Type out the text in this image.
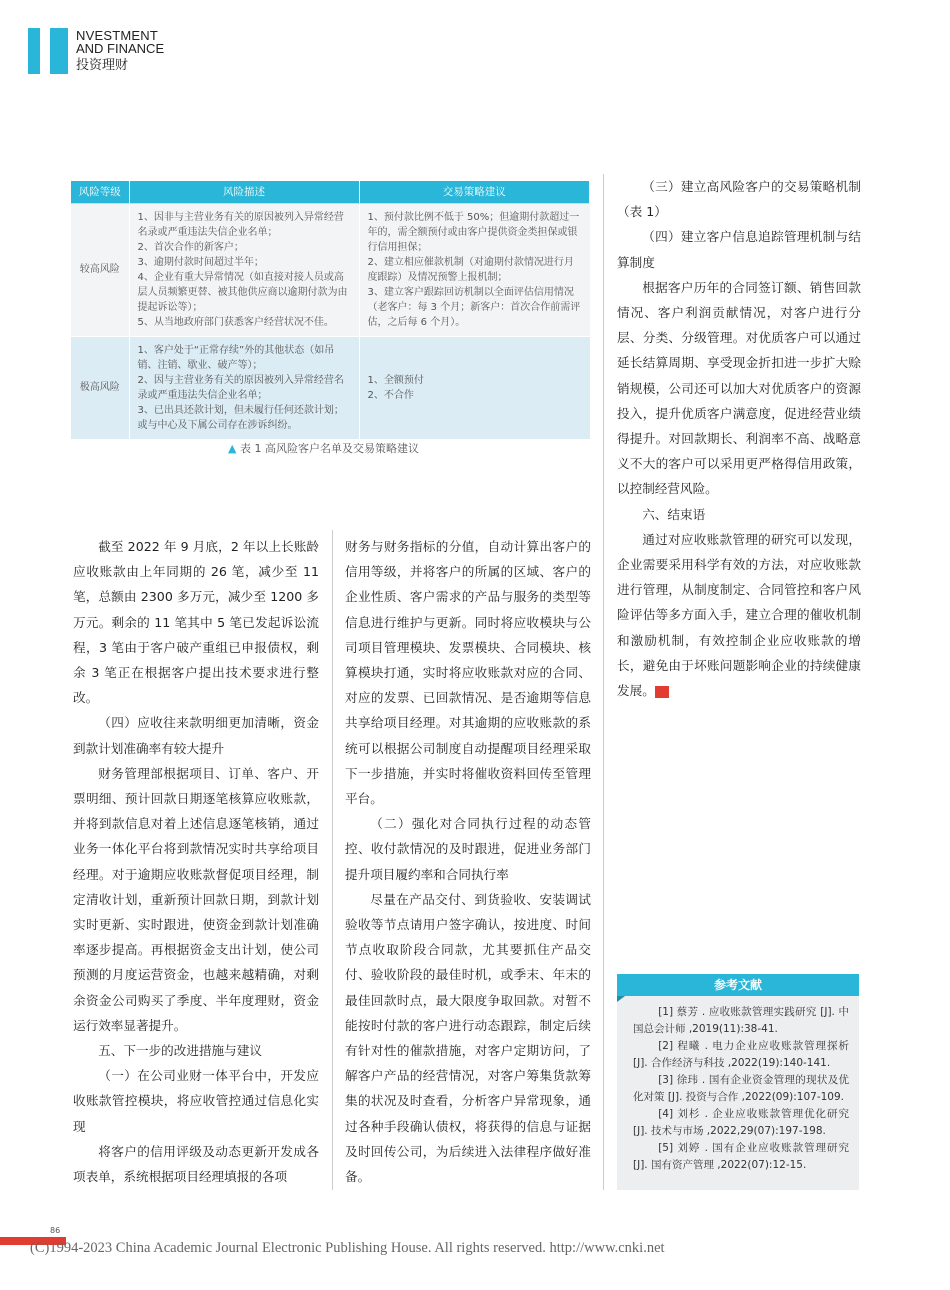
NVESTMENT
AND FINANCE
投资理财
风险等级	风险描述	交易策略建议
较高风险	1、因非与主营业务有关的原因被列入异常经营名录或严重违法失信企业名单；
2、首次合作的新客户；
3、逾期付款时间超过半年；
4、企业有重大异常情况（如直接对接人员或高层人员频繁更替、被其他供应商以逾期付款为由提起诉讼等）；
5、从当地政府部门获悉客户经营状况不佳。	1、预付款比例不低于 50%；但逾期付款超过一年的，需全额预付或由客户提供资金类担保或银行信用担保；
2、建立相应催款机制（对逾期付款情况进行月度跟踪）及情况预警上报机制；
3、建立客户跟踪回访机制以全面评估信用情况（老客户：每 3 个月；新客户：首次合作前需评估，之后每 6 个月）。
极高风险	1、客户处于“正常存续”外的其他状态（如吊销、注销、歇业、破产等）；
2、因与主营业务有关的原因被列入异常经营名录或严重违法失信企业名单；
3、已出具还款计划，但未履行任何还款计划；或与中心及下属公司存在涉诉纠纷。	1、全额预付
2、不合作
▲ 表 1 高风险客户名单及交易策略建议

截至 2022 年 9 月底，2 年以上长账龄应收账款由上年同期的 26 笔，减少至 11 笔，总额由 2300 多万元，减少至 1200 多万元。剩余的 11 笔其中 5 笔已发起诉讼流程，3 笔由于客户破产重组已申报债权，剩余 3 笔正在根据客户提出技术要求进行整改。

（四）应收往来款明细更加清晰，资金到款计划准确率有较大提升

财务管理部根据项目、订单、客户、开票明细、预计回款日期逐笔核算应收账款，并将到款信息对着上述信息逐笔核销，通过业务一体化平台将到款情况实时共享给项目经理。对于逾期应收账款督促项目经理，制定清收计划，重新预计回款日期，到款计划实时更新、实时跟进，使资金到款计划准确率逐步提高。再根据资金支出计划，使公司预测的月度运营资金，也越来越精确，对剩余资金公司购买了季度、半年度理财，资金运行效率显著提升。

五、下一步的改进措施与建议

（一）在公司业财一体平台中，开发应收账款管控模块，将应收管控通过信息化实现

将客户的信用评级及动态更新开发成各项表单，系统根据项目经理填报的各项

财务与财务指标的分值，自动计算出客户的信用等级，并将客户的所属的区域、客户的企业性质、客户需求的产品与服务的类型等信息进行维护与更新。同时将应收模块与公司项目管理模块、发票模块、合同模块、核算模块打通，实时将应收账款对应的合同、对应的发票、已回款情况、是否逾期等信息共享给项目经理。对其逾期的应收账款的系统可以根据公司制度自动提醒项目经理采取下一步措施，并实时将催收资料回传至管理平台。

（二）强化对合同执行过程的动态管控、收付款情况的及时跟进，促进业务部门提升项目履约率和合同执行率

尽量在产品交付、到货验收、安装调试验收等节点请用户签字确认，按进度、时间节点收取阶段合同款，尤其要抓住产品交付、验收阶段的最佳时机，或季末、年末的最佳回款时点，最大限度争取回款。对暂不能按时付款的客户进行动态跟踪，制定后续有针对性的催款措施，对客户定期访问，了解客户产品的经营情况，对客户筹集货款筹集的状况及时查看，分析客户异常现象，通过各种手段确认债权，将获得的信息与证据及时回传公司，为后续进入法律程序做好准备。

（三）建立高风险客户的交易策略机制（表 1）

（四）建立客户信息追踪管理机制与结算制度

根据客户历年的合同签订额、销售回款情况、客户利润贡献情况，对客户进行分层、分类、分级管理。对优质客户可以通过延长结算周期、享受现金折扣进一步扩大赊销规模，公司还可以加大对优质客户的资源投入，提升优质客户满意度，促进经营业绩得提升。对回款期长、利润率不高、战略意义不大的客户可以采用更严格得信用政策，以控制经营风险。

六、结束语

通过对应收账款管理的研究可以发现，企业需要采用科学有效的方法，对应收账款进行管理，从制度制定、合同管控和客户风险评估等多方面入手，建立合理的催收机制和激励机制，有效控制企业应收账款的增长，避免由于坏账问题影响企业的持续健康发展。	M

参考文献
[1] 蔡芳 . 应收账款管理实践研究 [J]. 中国总会计师 ,2019(11):38-41.
[2] 程曦 . 电力企业应收账款管理探析 [J]. 合作经济与科技 ,2022(19):140-141.
[3] 徐玮 . 国有企业资金管理的现状及优化对策 [J]. 投资与合作 ,2022(09):107-109.
[4] 刘杉 . 企业应收账款管理优化研究 [J]. 技术与市场 ,2022,29(07):197-198.
[5] 刘婷 . 国有企业应收账款管理研究 [J]. 国有资产管理 ,2022(07):12-15.
86
(C)1994-2023 China Academic Journal Electronic Publishing House. All rights reserved. http://www.cnki.net
